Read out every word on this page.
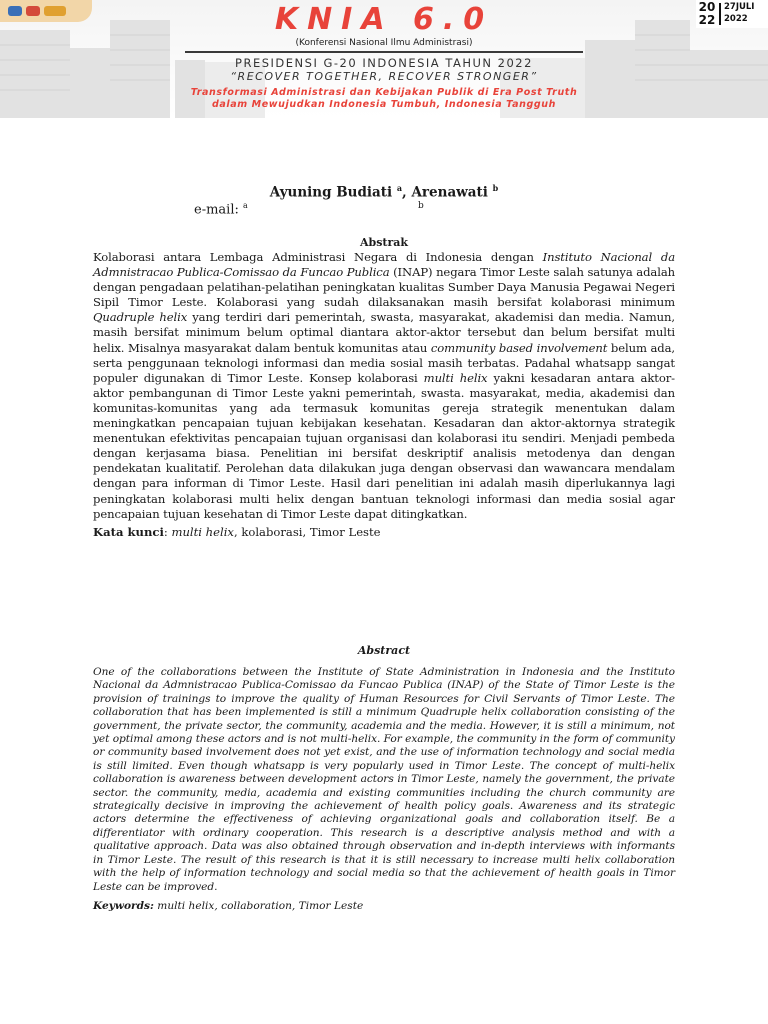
KNIA 6.0
(Konferensi Nasional Ilmu Administrasi)
PRESIDENSI G-20 INDONESIA TAHUN 2022
“RECOVER TOGETHER, RECOVER STRONGER”
Transformasi Administrasi dan Kebijakan Publik di Era Post Truth
dalam Mewujudkan Indonesia Tumbuh, Indonesia Tangguh
20
22
27JULI
2022
Ayuning Budiati $^a$, Arenawati $^b$
e-mail: $^a$	b
Abstrak
Kolaborasi antara Lembaga Administrasi Negara di Indonesia dengan Instituto Nacional da Admnistracao Publica-Comissao da Funcao Publica (INAP) negara Timor Leste salah satunya adalah dengan pengadaan pelatihan-pelatihan peningkatan kualitas Sumber Daya Manusia Pegawai Negeri Sipil Timor Leste. Kolaborasi yang sudah dilaksanakan masih bersifat kolaborasi minimum Quadruple helix yang terdiri dari pemerintah, swasta, masyarakat, akademisi dan media. Namun, masih bersifat minimum belum optimal diantara aktor-aktor tersebut dan belum bersifat multi helix. Misalnya masyarakat dalam bentuk komunitas atau community based involvement belum ada, serta penggunaan teknologi informasi dan media sosial masih terbatas. Padahal whatsapp sangat populer digunakan di Timor Leste. Konsep kolaborasi multi helix yakni kesadaran antara aktor-aktor pembangunan di Timor Leste yakni pemerintah, swasta. masyarakat, media, akademisi dan komunitas-komunitas yang ada termasuk komunitas gereja strategik menentukan dalam meningkatkan pencapaian tujuan kebijakan kesehatan. Kesadaran dan aktor-aktornya strategik menentukan efektivitas pencapaian tujuan organisasi dan kolaborasi itu sendiri. Menjadi pembeda dengan kerjasama biasa. Penelitian ini bersifat deskriptif analisis metodenya dan dengan pendekatan kualitatif. Perolehan data dilakukan juga dengan observasi dan wawancara mendalam dengan para informan di Timor Leste. Hasil dari penelitian ini adalah masih diperlukannya lagi peningkatan kolaborasi multi helix dengan bantuan teknologi informasi dan media sosial agar pencapaian tujuan kesehatan di Timor Leste dapat ditingkatkan.
Kata kunci: multi helix, kolaborasi, Timor Leste
Abstract
One of the collaborations between the Institute of State Administration in Indonesia and the Instituto Nacional da Admnistracao Publica-Comissao da Funcao Publica (INAP) of the State of Timor Leste is the provision of trainings to improve the quality of Human Resources for Civil Servants of Timor Leste. The collaboration that has been implemented is still a minimum Quadruple helix collaboration consisting of the government, the private sector, the community, academia and the media. However, it is still a minimum, not yet optimal among these actors and is not multi-helix. For example, the community in the form of community or community based involvement does not yet exist, and the use of information technology and social media is still limited. Even though whatsapp is very popularly used in Timor Leste. The concept of multi-helix collaboration is awareness between development actors in Timor Leste, namely the government, the private sector. the community, media, academia and existing communities including the church community are strategically decisive in improving the achievement of health policy goals. Awareness and its strategic actors determine the effectiveness of achieving organizational goals and collaboration itself. Be a differentiator with ordinary cooperation. This research is a descriptive analysis method and with a qualitative approach. Data was also obtained through observation and in-depth interviews with informants in Timor Leste. The result of this research is that it is still necessary to increase multi helix collaboration with the help of information technology and social media so that the achievement of health goals in Timor Leste can be improved.
Keywords: multi helix, collaboration, Timor Leste
